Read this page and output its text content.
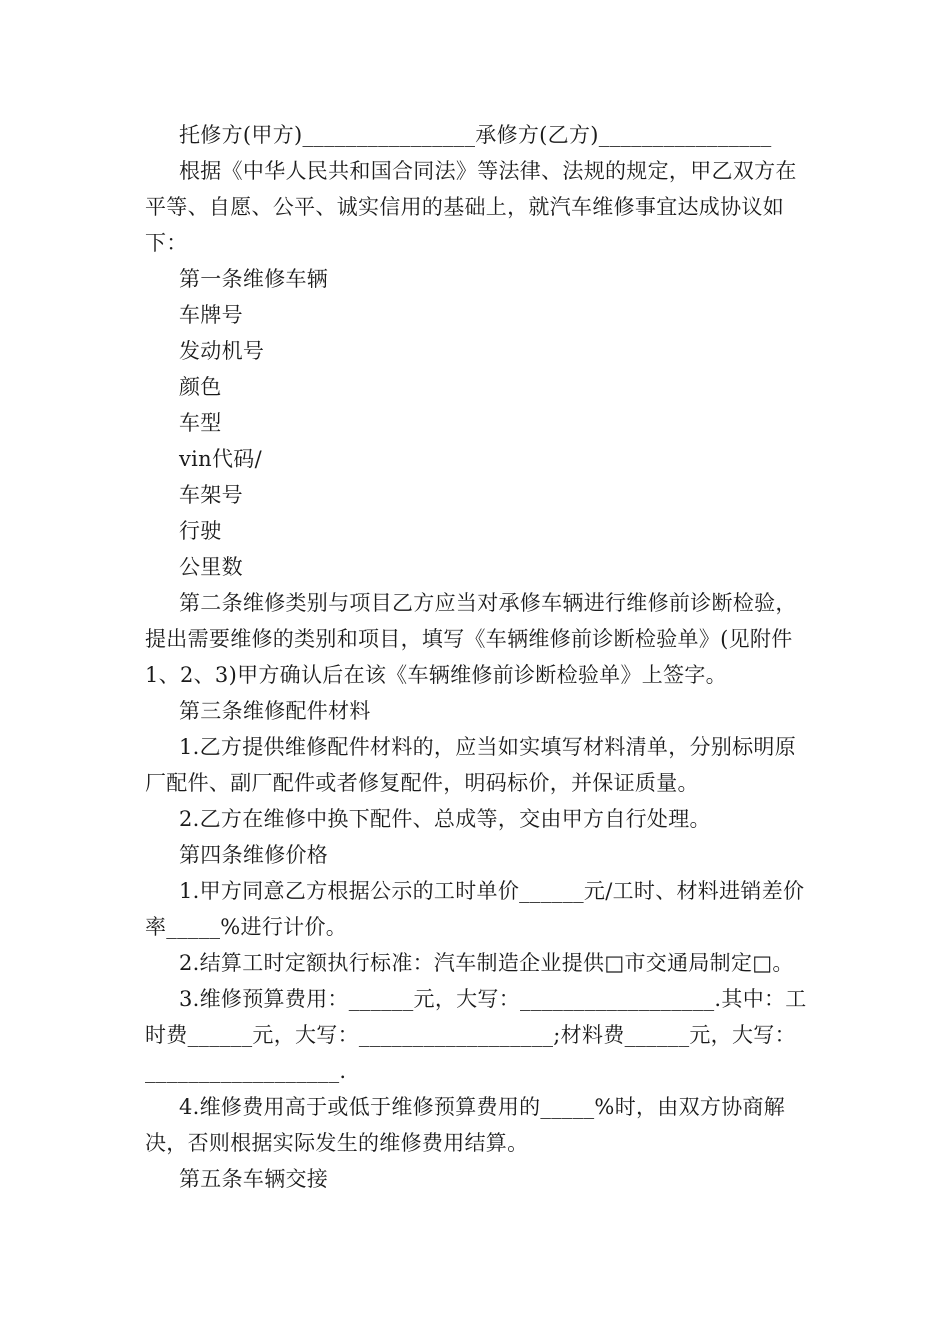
托修方(甲方)________________承修方(乙方)________________

根据《中华人民共和国合同法》等法律、法规的规定，甲乙双方在平等、自愿、公平、诚实信用的基础上，就汽车维修事宜达成协议如下：

第一条维修车辆

车牌号

发动机号

颜色

车型

vin代码/

车架号

行驶

公里数

第二条维修类别与项目乙方应当对承修车辆进行维修前诊断检验，提出需要维修的类别和项目，填写《车辆维修前诊断检验单》(见附件1、2、3)甲方确认后在该《车辆维修前诊断检验单》上签字。

第三条维修配件材料

1.乙方提供维修配件材料的，应当如实填写材料清单，分别标明原厂配件、副厂配件或者修复配件，明码标价，并保证质量。

2.乙方在维修中换下配件、总成等，交由甲方自行处理。

第四条维修价格

1.甲方同意乙方根据公示的工时单价______元/工时、材料进销差价率_____%进行计价。

2.结算工时定额执行标准：汽车制造企业提供□市交通局制定□。

3.维修预算费用：______元，大写：__________________.其中：工时费______元，大写：__________________;材料费______元，大写：__________________.

4.维修费用高于或低于维修预算费用的_____%时，由双方协商解决，否则根据实际发生的维修费用结算。

第五条车辆交接
